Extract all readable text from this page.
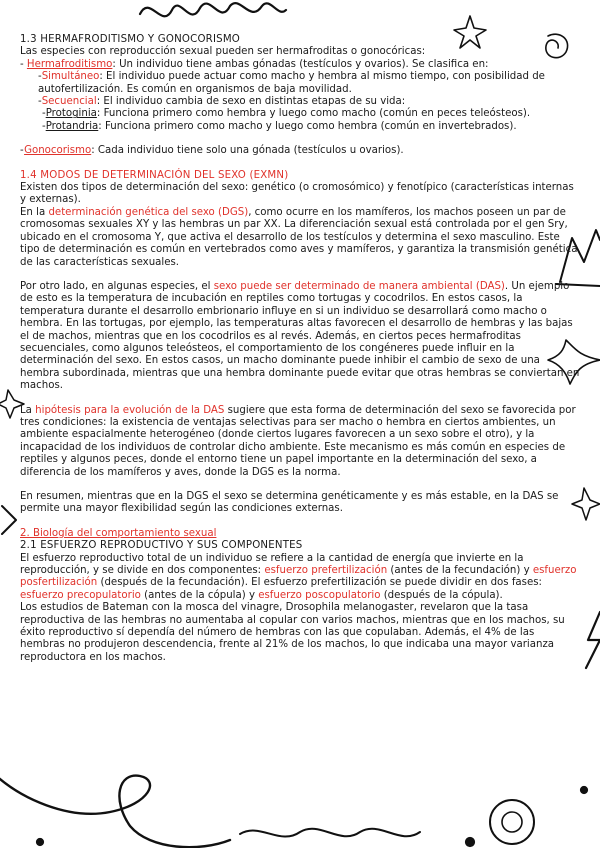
1.3 HERMAFRODITISMO Y GONOCORISMO

Las especies con reproducción sexual pueden ser hermafroditas o gonocóricas:

- Hermafroditismo: Un individuo tiene ambas gónadas (testículos y ovarios). Se clasifica en:

-Simultáneo: El individuo puede actuar como macho y hembra al mismo tiempo, con posibilidad de autofertilización. Es común en organismos de baja movilidad.

-Secuencial: El individuo cambia de sexo en distintas etapas de su vida:

-Protoginia: Funciona primero como hembra y luego como macho (común en peces teleósteos).

-Protandria: Funciona primero como macho y luego como hembra (común en invertebrados).

-Gonocorismo: Cada individuo tiene solo una gónada (testículos u ovarios).

1.4 MODOS DE DETERMINACIÓN DEL SEXO (EXMN)

Existen dos tipos de determinación del sexo: genético (o cromosómico) y fenotípico (características internas y externas).

En la determinación genética del sexo (DGS), como ocurre en los mamíferos, los machos poseen un par de cromosomas sexuales XY y las hembras un par XX. La diferenciación sexual está controlada por el gen Sry, ubicado en el cromosoma Y, que activa el desarrollo de los testículos y determina el sexo masculino. Este tipo de determinación es común en vertebrados como aves y mamíferos, y garantiza la transmisión genética de las características sexuales.

Por otro lado, en algunas especies, el sexo puede ser determinado de manera ambiental (DAS). Un ejemplo de esto es la temperatura de incubación en reptiles como tortugas y cocodrilos. En estos casos, la temperatura durante el desarrollo embrionario influye en si un individuo se desarrollará como macho o hembra. En las tortugas, por ejemplo, las temperaturas altas favorecen el desarrollo de hembras y las bajas el de machos, mientras que en los cocodrilos es al revés. Además, en ciertos peces hermafroditas secuenciales, como algunos teleósteos, el comportamiento de los congéneres puede influir en la determinación del sexo. En estos casos, un macho dominante puede inhibir el cambio de sexo de una hembra subordinada, mientras que una hembra dominante puede evitar que otras hembras se conviertan en machos.

La hipótesis para la evolución de la DAS sugiere que esta forma de determinación del sexo se favorecida por tres condiciones: la existencia de ventajas selectivas para ser macho o hembra en ciertos ambientes, un ambiente espacialmente heterogéneo (donde ciertos lugares favorecen a un sexo sobre el otro), y la incapacidad de los individuos de controlar dicho ambiente. Este mecanismo es más común en especies de reptiles y algunos peces, donde el entorno tiene un papel importante en la determinación del sexo, a diferencia de los mamíferos y aves, donde la DGS es la norma.

En resumen, mientras que en la DGS el sexo se determina genéticamente y es más estable, en la DAS se permite una mayor flexibilidad según las condiciones externas.

2. Biología del comportamiento sexual
2.1 ESFUERZO REPRODUCTIVO Y SUS COMPONENTES

El esfuerzo reproductivo total de un individuo se refiere a la cantidad de energía que invierte en la reproducción, y se divide en dos componentes: esfuerzo prefertilización (antes de la fecundación) y esfuerzo posfertilización (después de la fecundación). El esfuerzo prefertilización se puede dividir en dos fases: esfuerzo precopulatorio (antes de la cópula) y esfuerzo poscopulatorio (después de la cópula).

Los estudios de Bateman con la mosca del vinagre, Drosophila melanogaster, revelaron que la tasa reproductiva de las hembras no aumentaba al copular con varios machos, mientras que en los machos, su éxito reproductivo sí dependía del número de hembras con las que copulaban. Además, el 4% de las hembras no produjeron descendencia, frente al 21% de los machos, lo que indicaba una mayor varianza reproductora en los machos.
